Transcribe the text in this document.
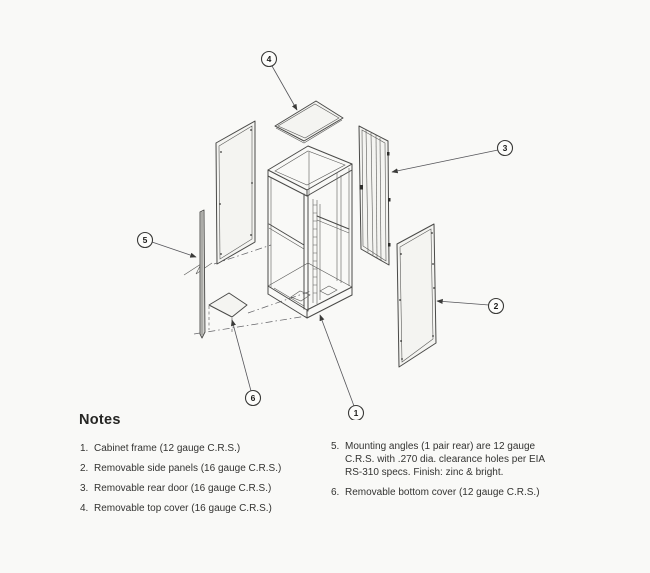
4
3
5
2
6
1
Notes
1. Cabinet frame (12 gauge C.R.S.)
2. Removable side panels (16 gauge C.R.S.)
3. Removable rear door (16 gauge C.R.S.)
4. Removable top cover (16 gauge C.R.S.)
5. Mounting angles (1 pair rear) are 12 gauge C.R.S. with .270 dia. clearance holes per EIA RS-310 specs. Finish: zinc & bright.
6. Removable bottom cover (12 gauge C.R.S.)
